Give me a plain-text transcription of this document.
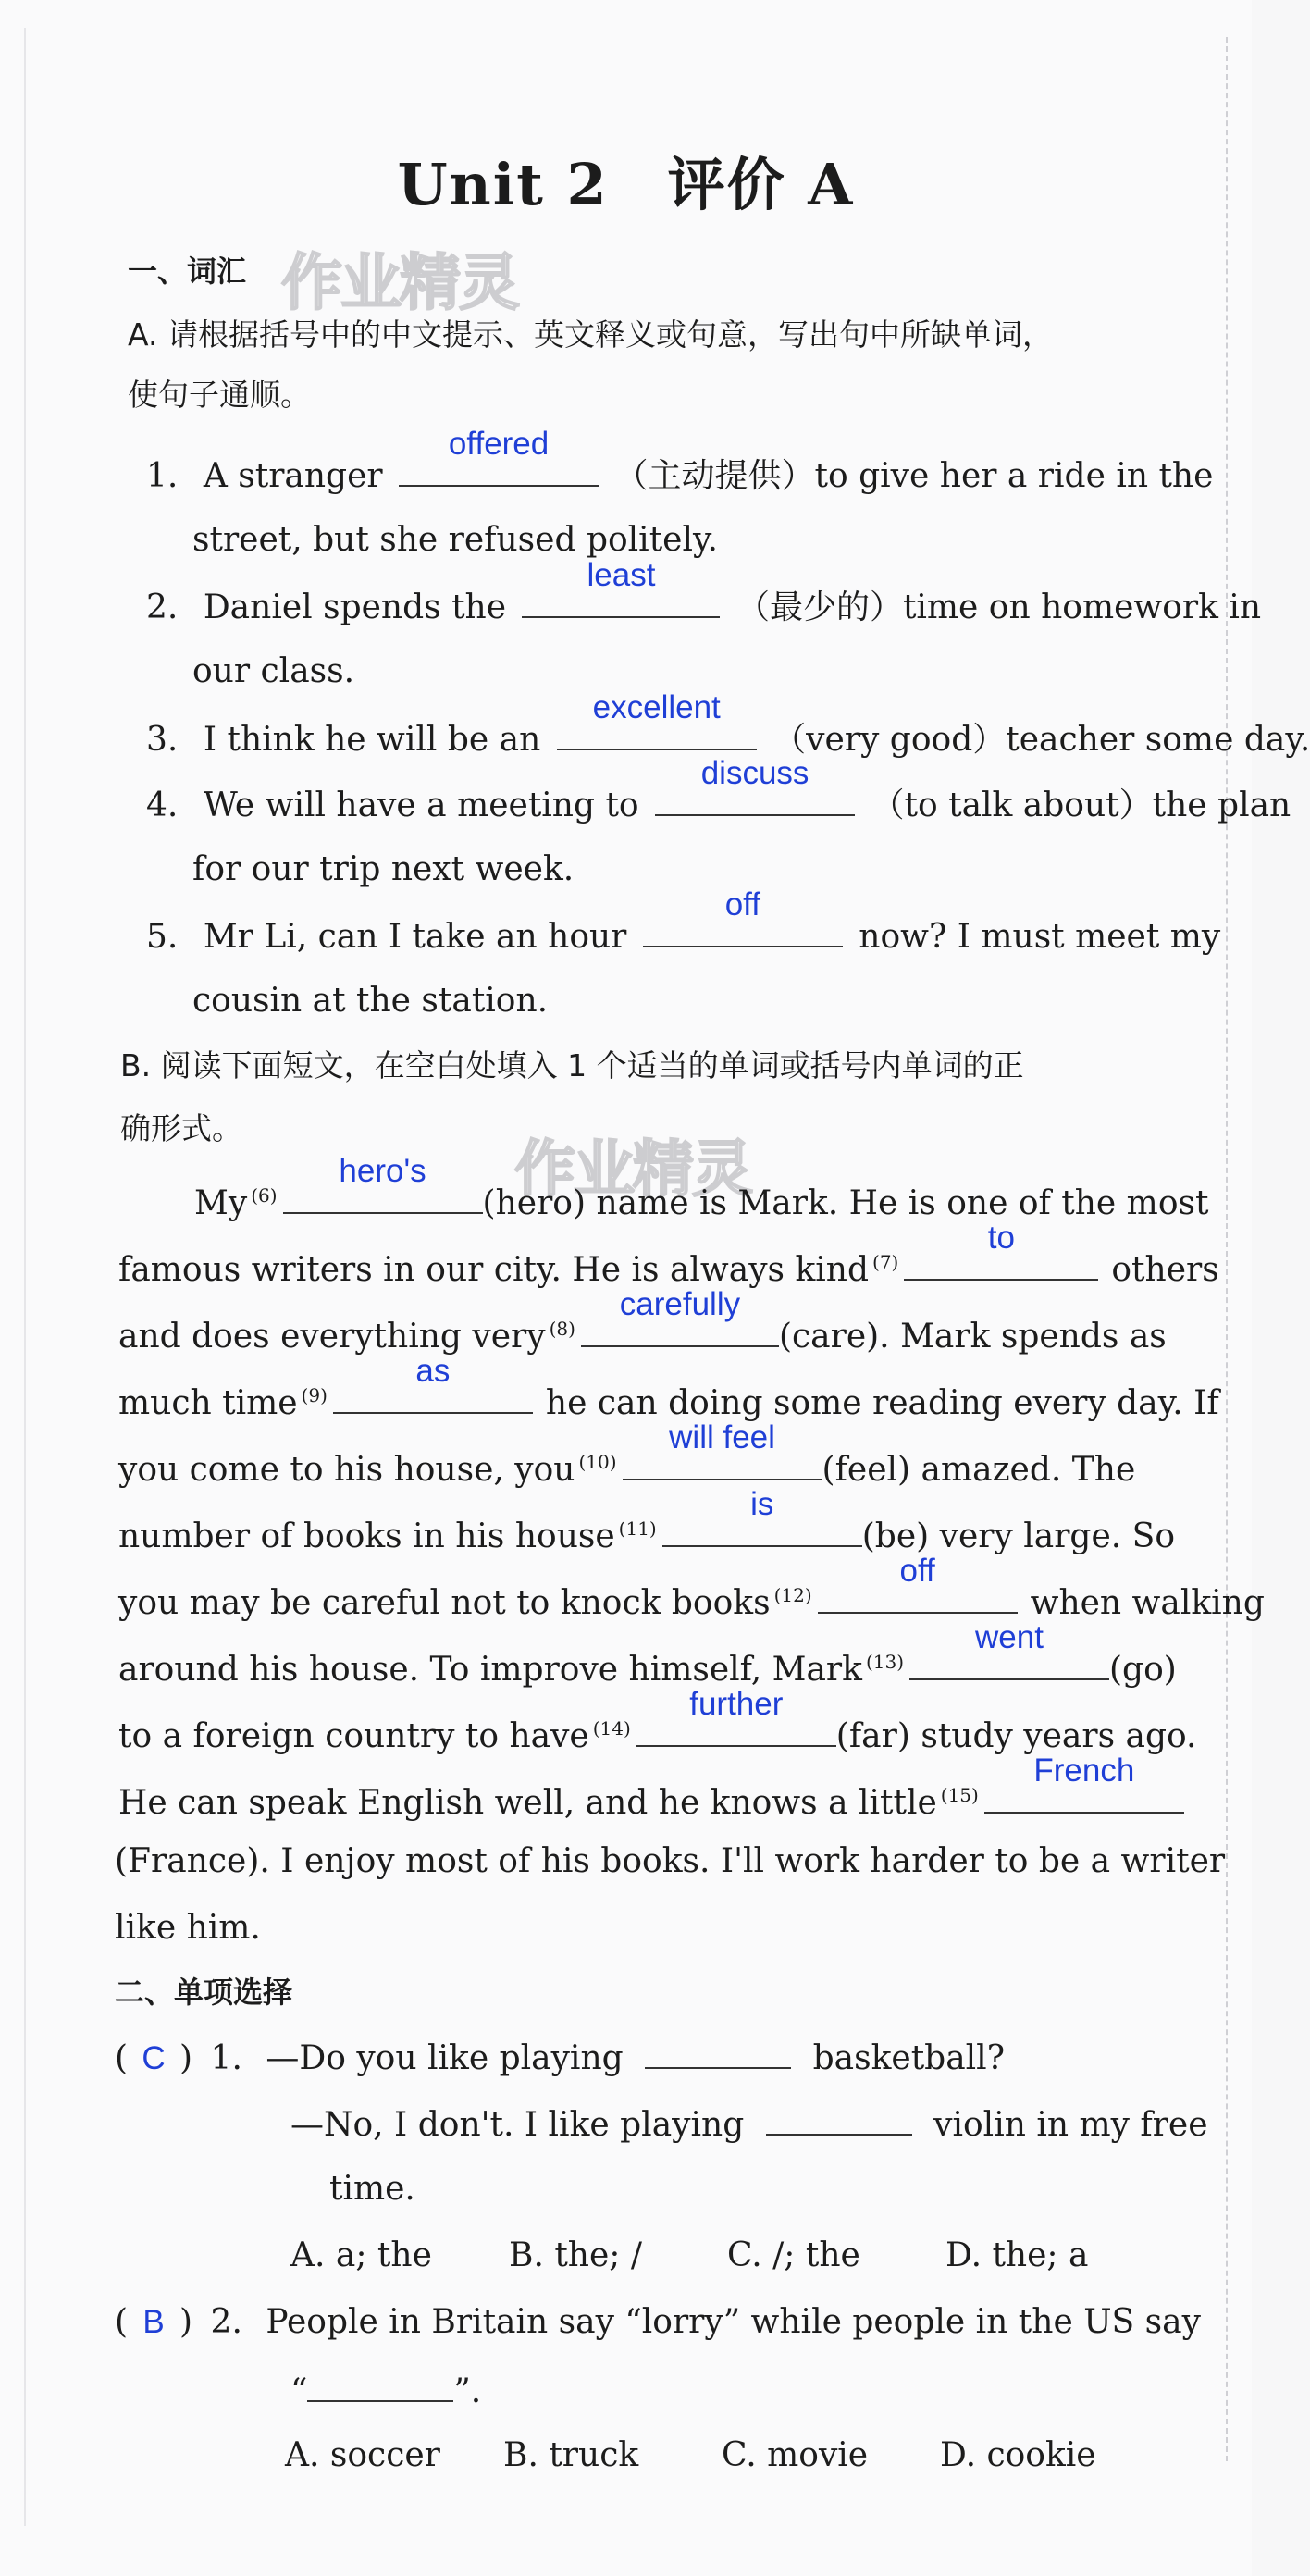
Unit 2　评价 A
一、词汇 作业精灵
A. 请根据括号中的中文提示、英文释义或句意，写出句中所缺单词，
使句子通顺。
1. A stranger
offered
（主动提供）to give her a ride in the
street, but she refused politely.
2. Daniel spends the
least
（最少的）time on homework in
our class.
3. I think he will be an
excellent
（very good）teacher some day.
4. We will have a meeting to
discuss
（to talk about）the plan
for our trip next week.
5. Mr Li, can I take an hour
off
now? I must meet my
cousin at the station.
B. 阅读下面短文，在空白处填入 1 个适当的单词或括号内单词的正
确形式。
作业精灵
My $^{(6)}$
hero's
(hero) name is Mark. He is one of the most
famous writers in our city. He is always kind $^{(7)}$
to
others
and does everything very $^{(8)}$
carefully
(care). Mark spends as
much time $^{(9)}$
as
he can doing some reading every day. If
you come to his house, you $^{(10)}$
will feel
(feel) amazed. The
number of books in his house $^{(11)}$
is
(be) very large. So
you may be careful not to knock books $^{(12)}$
off
when walking
around his house. To improve himself, Mark $^{(13)}$
went
(go)
to a foreign country to have $^{(14)}$
further
(far) study years ago.
He can speak English well, and he knows a little $^{(15)}$
French
(France). I enjoy most of his books. I'll work harder to be a writer
like him.
二、单项选择
( C ) 1. —Do you like playing	basketball?
—No, I don't. I like playing	violin in my free
time.
A. a; the B. the; /	C. /; the	D. the; a
( B ) 2. People in Britain say “lorry” while people in the US say
“	”.
A. soccer B. truck C. movie D. cookie
